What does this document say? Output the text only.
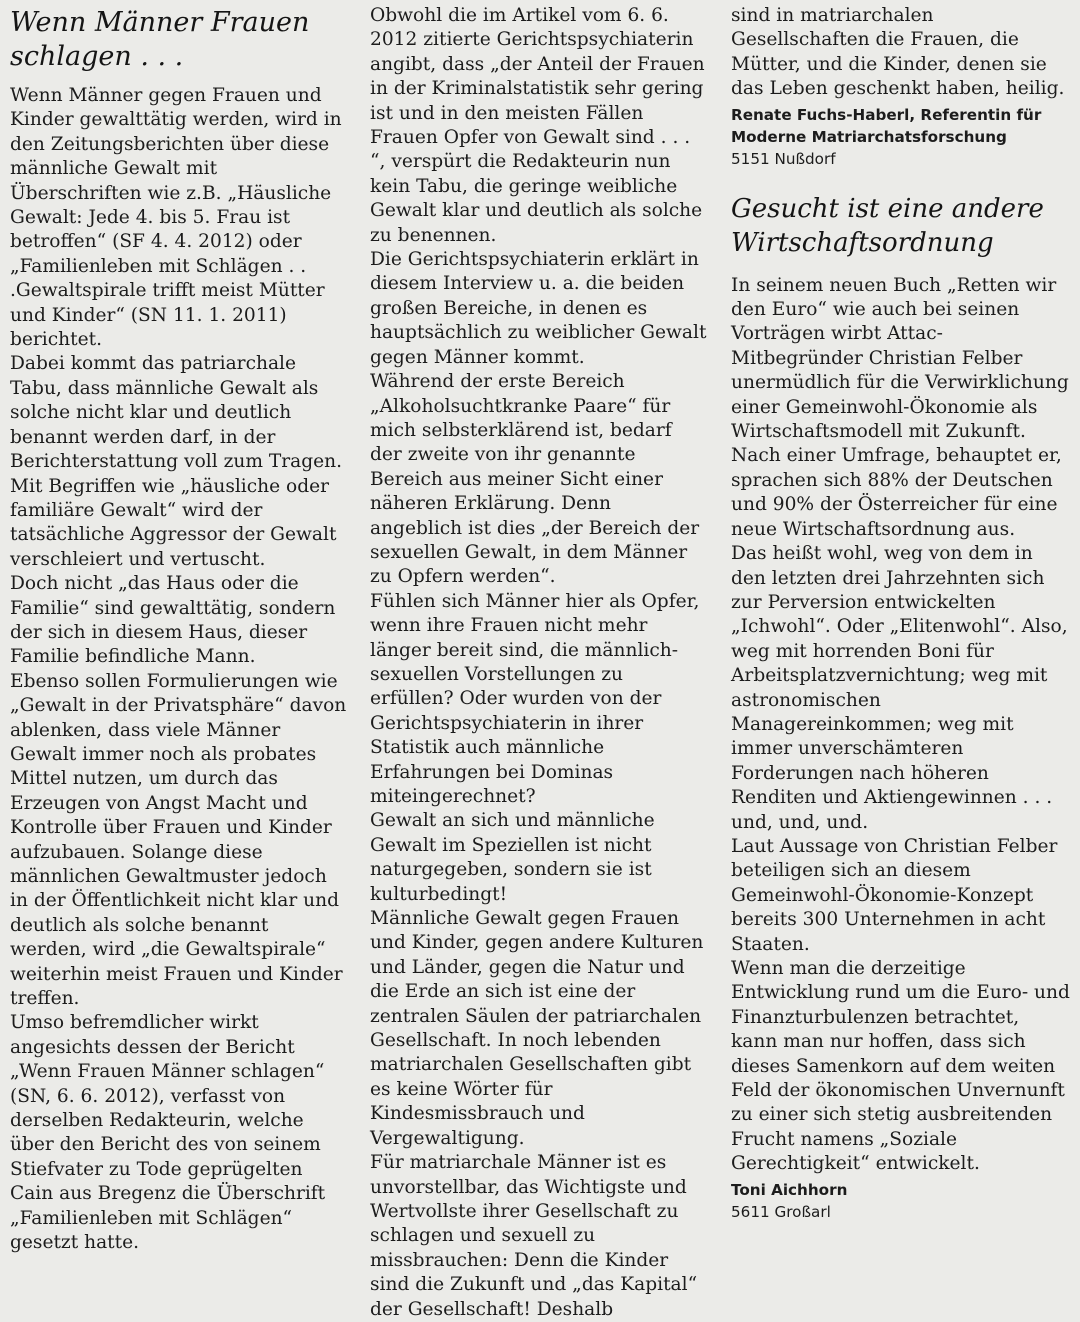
Wenn Männer Frauen schlagen . . .

Wenn Männer gegen Frauen und Kinder gewalttätig werden, wird in den Zeitungsberichten über diese männliche Gewalt mit Überschriften wie z.B. „Häusliche Gewalt: Jede 4. bis 5. Frau ist betroffen“ (SF 4. 4. 2012) oder „Familienleben mit Schlägen . . .Gewaltspirale trifft meist Mütter und Kinder“ (SN 11. 1. 2011) berichtet.

Dabei kommt das patriarchale Tabu, dass männliche Gewalt als solche nicht klar und deutlich benannt werden darf, in der Berichterstattung voll zum Tragen.

Mit Begriffen wie „häusliche oder familiäre Gewalt“ wird der tatsächliche Aggressor der Gewalt verschleiert und vertuscht.

Doch nicht „das Haus oder die Familie“ sind gewalttätig, sondern der sich in diesem Haus, dieser Familie befindliche Mann.

Ebenso sollen Formulierungen wie „Gewalt in der Privatsphäre“ davon ablenken, dass viele Männer Gewalt immer noch als probates Mittel nutzen, um durch das Erzeugen von Angst Macht und Kontrolle über Frauen und Kinder aufzubauen. Solange diese männlichen Gewaltmuster jedoch in der Öffentlichkeit nicht klar und deutlich als solche benannt werden, wird „die Gewaltspirale“ weiterhin meist Frauen und Kinder treffen.

Umso befremdlicher wirkt angesichts dessen der Bericht „Wenn Frauen Männer schlagen“ (SN, 6. 6. 2012), verfasst von derselben Redakteurin, welche über den Bericht des von seinem Stiefvater zu Tode geprügelten Cain aus Bregenz die Überschrift „Familienleben mit Schlägen“ gesetzt hatte.

Obwohl die im Artikel vom 6. 6. 2012 zitierte Gerichtspsychiaterin angibt, dass „der Anteil der Frauen in der Kriminalstatistik sehr gering ist und in den meisten Fällen Frauen Opfer von Gewalt sind . . . “, verspürt die Redakteurin nun kein Tabu, die geringe weibliche Gewalt klar und deutlich als solche zu benennen.

Die Gerichtspsychiaterin erklärt in diesem Interview u. a. die beiden großen Bereiche, in denen es hauptsächlich zu weiblicher Gewalt gegen Männer kommt.

Während der erste Bereich „Alkoholsuchtkranke Paare“ für mich selbsterklärend ist, bedarf der zweite von ihr genannte Bereich aus meiner Sicht einer näheren Erklärung. Denn angeblich ist dies „der Bereich der sexuellen Gewalt, in dem Männer zu Opfern werden“.

Fühlen sich Männer hier als Opfer, wenn ihre Frauen nicht mehr länger bereit sind, die männlich-sexuellen Vorstellungen zu erfüllen? Oder wurden von der Gerichtspsychiaterin in ihrer Statistik auch männliche Erfahrungen bei Dominas miteingerechnet?

Gewalt an sich und männliche Gewalt im Speziellen ist nicht naturgegeben, sondern sie ist kulturbedingt!

Männliche Gewalt gegen Frauen und Kinder, gegen andere Kulturen und Länder, gegen die Natur und die Erde an sich ist eine der zentralen Säulen der patriarchalen Gesellschaft. In noch lebenden matriarchalen Gesellschaften gibt es keine Wörter für Kindesmissbrauch und Vergewaltigung.

Für matriarchale Männer ist es unvorstellbar, das Wichtigste und Wertvollste ihrer Gesellschaft zu schlagen und sexuell zu missbrauchen: Denn die Kinder sind die Zukunft und „das Kapital“ der Gesellschaft! Deshalb

sind in matriarchalen Gesellschaften die Frauen, die Mütter, und die Kinder, denen sie das Leben geschenkt haben, heilig.

Renate Fuchs-Haberl, Referentin für Moderne Matriarchatsforschung
5151 Nußdorf
Gesucht ist eine andere Wirtschaftsordnung

In seinem neuen Buch „Retten wir den Euro“ wie auch bei seinen Vorträgen wirbt Attac-Mitbegründer Christian Felber unermüdlich für die Verwirklichung einer Gemeinwohl-Ökonomie als Wirtschaftsmodell mit Zukunft.

Nach einer Umfrage, behauptet er, sprachen sich 88% der Deutschen und 90% der Österreicher für eine neue Wirtschaftsordnung aus.

Das heißt wohl, weg von dem in den letzten drei Jahrzehnten sich zur Perversion entwickelten „Ichwohl“. Oder „Elitenwohl“. Also, weg mit horrenden Boni für Arbeitsplatzvernichtung; weg mit astronomischen Managereinkommen; weg mit immer unverschämteren Forderungen nach höheren Renditen und Aktiengewinnen . . . und, und, und.

Laut Aussage von Christian Felber beteiligen sich an diesem Gemeinwohl-Ökonomie-Konzept bereits 300 Unternehmen in acht Staaten.

Wenn man die derzeitige Entwicklung rund um die Euro- und Finanzturbulenzen betrachtet, kann man nur hoffen, dass sich dieses Samenkorn auf dem weiten Feld der ökonomischen Unvernunft zu einer sich stetig ausbreitenden Frucht namens „Soziale Gerechtigkeit“ entwickelt.

Toni Aichhorn
5611 Großarl
